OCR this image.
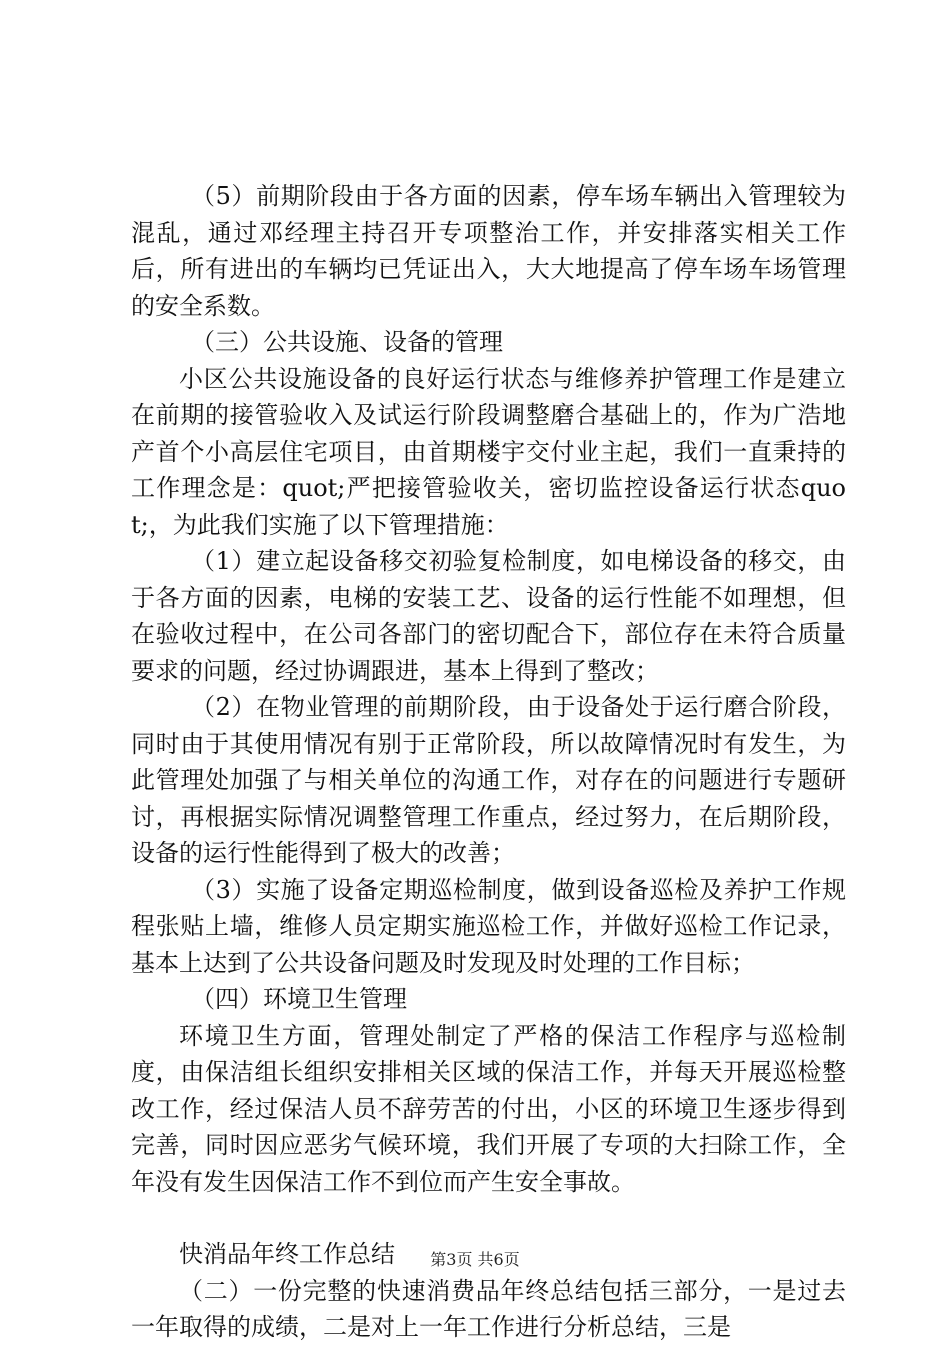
（5）前期阶段由于各方面的因素，停车场车辆出入管理较为混乱，通过邓经理主持召开专项整治工作，并安排落实相关工作后，所有进出的车辆均已凭证出入，大大地提高了停车场车场管理的安全系数。

（三）公共设施、设备的管理

小区公共设施设备的良好运行状态与维修养护管理工作是建立在前期的接管验收入及试运行阶段调整磨合基础上的，作为广浩地产首个小高层住宅项目，由首期楼宇交付业主起，我们一直秉持的工作理念是：quot;严把接管验收关，密切监控设备运行状态quot;，为此我们实施了以下管理措施：

（1）建立起设备移交初验复检制度，如电梯设备的移交，由于各方面的因素，电梯的安装工艺、设备的运行性能不如理想，但在验收过程中，在公司各部门的密切配合下，部位存在未符合质量要求的问题，经过协调跟进，基本上得到了整改；

（2）在物业管理的前期阶段，由于设备处于运行磨合阶段，同时由于其使用情况有别于正常阶段，所以故障情况时有发生，为此管理处加强了与相关单位的沟通工作，对存在的问题进行专题研讨，再根据实际情况调整管理工作重点，经过努力，在后期阶段，设备的运行性能得到了极大的改善；

（3）实施了设备定期巡检制度，做到设备巡检及养护工作规程张贴上墙，维修人员定期实施巡检工作，并做好巡检工作记录，基本上达到了公共设备问题及时发现及时处理的工作目标；

（四）环境卫生管理

环境卫生方面，管理处制定了严格的保洁工作程序与巡检制度，由保洁组长组织安排相关区域的保洁工作，并每天开展巡检整改工作，经过保洁人员不辞劳苦的付出，小区的环境卫生逐步得到完善，同时因应恶劣气候环境，我们开展了专项的大扫除工作，全年没有发生因保洁工作不到位而产生安全事故。

快消品年终工作总结

（二）一份完整的快速消费品年终总结包括三部分，一是过去一年取得的成绩，二是对上一年工作进行分析总结，三是

第3页 共6页
